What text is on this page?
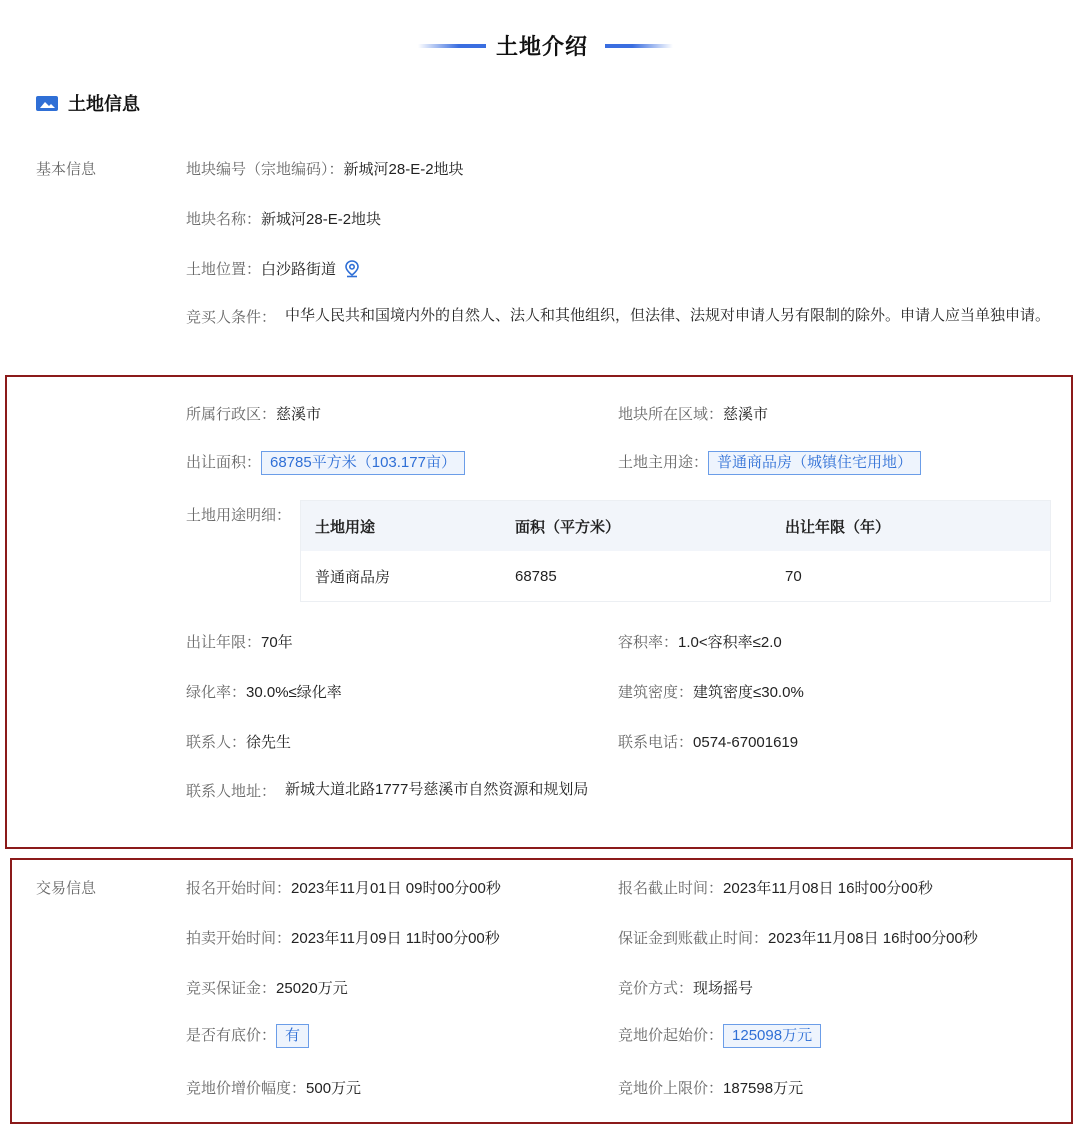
土地介绍
土地信息
基本信息	地块编号（宗地编码）：新城河28-E-2地块
地块名称：新城河28-E-2地块
土地位置： 白沙路街道
竞买人条件： 中华人民共和国境内外的自然人、法人和其他组织，但法律、法规对申请人另有限制的除外。申请人应当单独申请。
所属行政区：慈溪市	地块所在区域：慈溪市
出让面积： 68785平方米（103.177亩）	土地主用途： 普通商品房（城镇住宅用地）
土地用途明细：
土地用途	面积（平方米）	出让年限（年）
普通商品房	68785	70
出让年限：70年	容积率：1.0<容积率≤2.0
绿化率：30.0%≤绿化率	建筑密度：建筑密度≤30.0%
联系人：徐先生	联系电话：0574-67001619
联系人地址： 新城大道北路1777号慈溪市自然资源和规划局
交易信息	报名开始时间：2023年11月01日 09时00分00秒	报名截止时间：2023年11月08日 16时00分00秒
拍卖开始时间：2023年11月09日 11时00分00秒	保证金到账截止时间：2023年11月08日 16时00分00秒
竞买保证金：25020万元	竞价方式：现场摇号
是否有底价： 有	竞地价起始价： 125098万元
竞地价增价幅度：500万元	竞地价上限价：187598万元
